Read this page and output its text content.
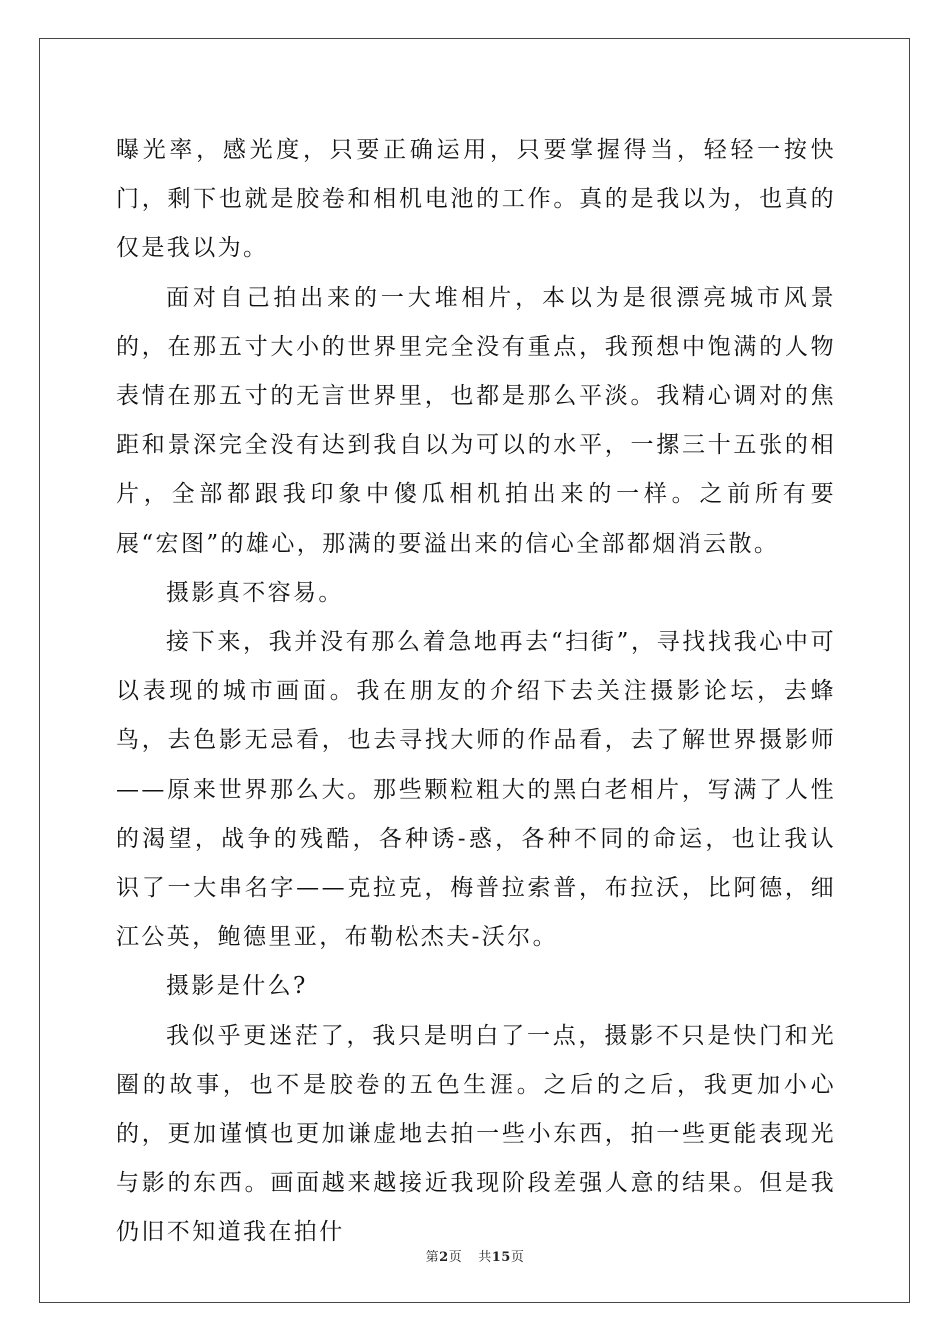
曝光率，感光度，只要正确运用，只要掌握得当，轻轻一按快门，剩下也就是胶卷和相机电池的工作。真的是我以为，也真的仅是我以为。

面对自己拍出来的一大堆相片，本以为是很漂亮城市风景的，在那五寸大小的世界里完全没有重点，我预想中饱满的人物表情在那五寸的无言世界里，也都是那么平淡。我精心调对的焦距和景深完全没有达到我自以为可以的水平，一摞三十五张的相片，全部都跟我印象中傻瓜相机拍出来的一样。之前所有要展“宏图”的雄心，那满的要溢出来的信心全部都烟消云散。

摄影真不容易。

接下来，我并没有那么着急地再去“扫街”，寻找找我心中可以表现的城市画面。我在朋友的介绍下去关注摄影论坛，去蜂鸟，去色影无忌看，也去寻找大师的作品看，去了解世界摄影师——原来世界那么大。那些颗粒粗大的黑白老相片，写满了人性的渴望，战争的残酷，各种诱-惑，各种不同的命运，也让我认识了一大串名字——克拉克，梅普拉索普，布拉沃，比阿德，细江公英，鲍德里亚，布勒松杰夫-沃尔。

摄影是什么?

我似乎更迷茫了，我只是明白了一点，摄影不只是快门和光圈的故事，也不是胶卷的五色生涯。之后的之后，我更加小心的，更加谨慎也更加谦虚地去拍一些小东西，拍一些更能表现光与影的东西。画面越来越接近我现阶段差强人意的结果。但是我仍旧不知道我在拍什

第2页 共15页
